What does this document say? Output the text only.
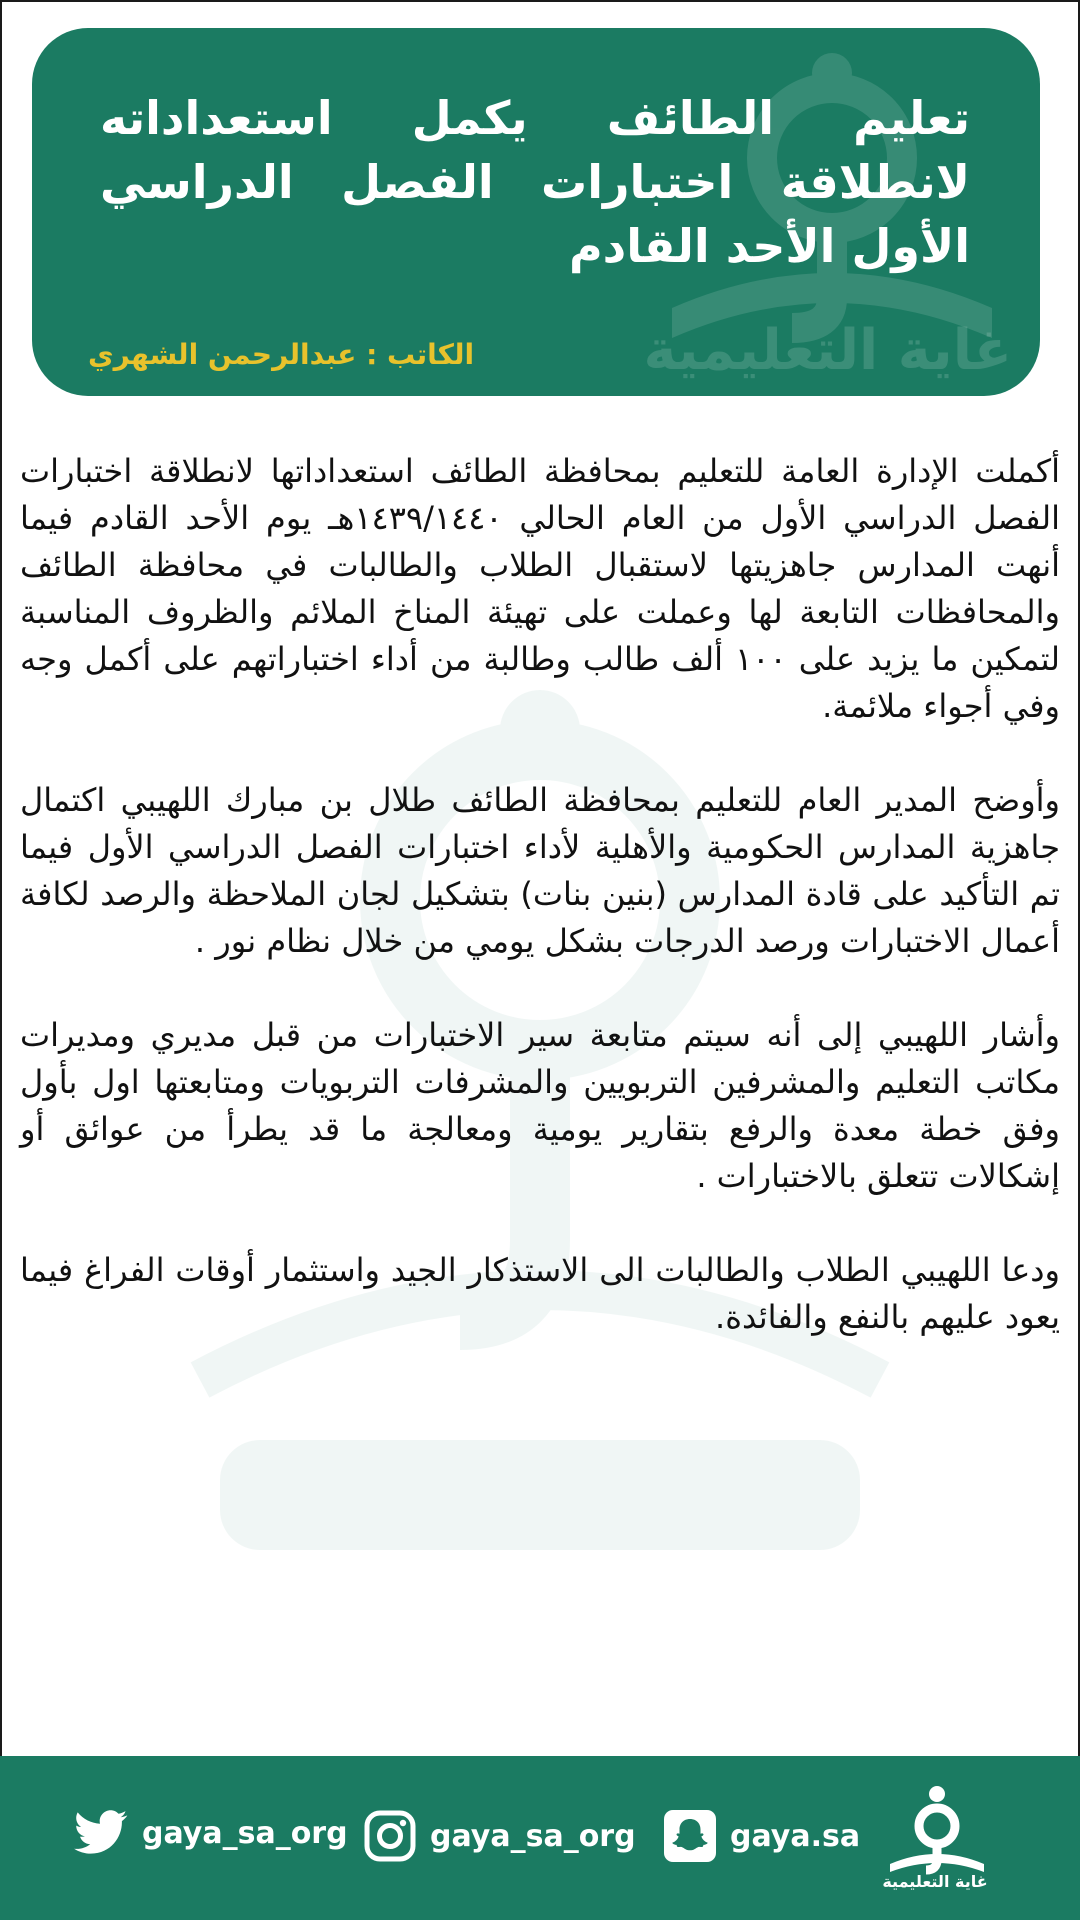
غاية التعليمية
تعليم الطائف يكمل استعداداته لانطلاقة اختبارات الفصل الدراسي الأول الأحد القادم

الكاتب : عبدالرحمن الشهري

أكملت الإدارة العامة للتعليم بمحافظة الطائف استعداداتها لانطلاقة اختبارات الفصل الدراسي الأول من العام الحالي ١٤٣٩/١٤٤٠هـ يوم الأحد القادم فيما أنهت المدارس جاهزيتها لاستقبال الطلاب والطالبات في محافظة الطائف والمحافظات التابعة لها وعملت على تهيئة المناخ الملائم والظروف المناسبة لتمكين ما يزيد على ١٠٠ ألف طالب وطالبة من أداء اختباراتهم على أكمل وجه وفي أجواء ملائمة.

وأوضح المدير العام للتعليم بمحافظة الطائف طلال بن مبارك اللهيبي اكتمال جاهزية المدارس الحكومية والأهلية لأداء اختبارات الفصل الدراسي الأول فيما تم التأكيد على قادة المدارس (بنين بنات) بتشكيل لجان الملاحظة والرصد لكافة أعمال الاختبارات ورصد الدرجات بشكل يومي من خلال نظام نور .

وأشار اللهيبي إلى أنه سيتم متابعة سير الاختبارات من قبل مديري ومديرات مكاتب التعليم والمشرفين التربويين والمشرفات التربويات ومتابعتها اول بأول وفق خطة معدة والرفع بتقارير يومية ومعالجة ما قد يطرأ من عوائق أو إشكالات تتعلق بالاختبارات .

ودعا اللهيبي الطلاب والطالبات الى الاستذكار الجيد واستثمار أوقات الفراغ فيما يعود عليهم بالنفع والفائدة.

gaya_sa_org	gaya_sa_org	gaya.sa
غاية التعليمية
